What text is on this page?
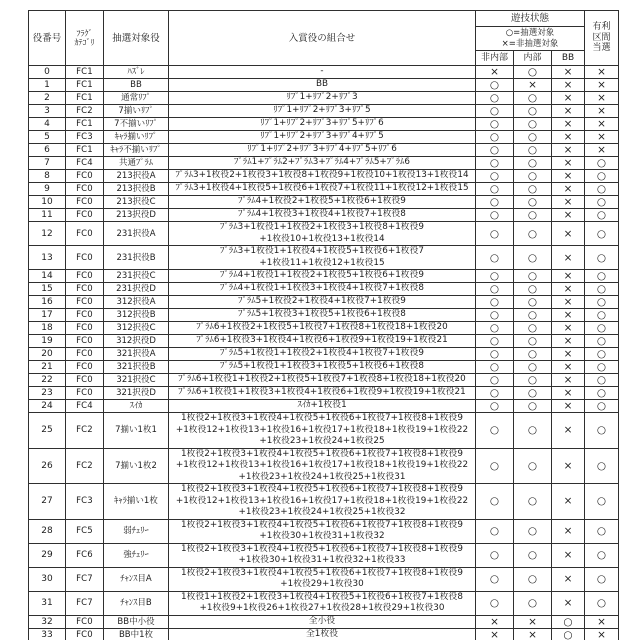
役番号	ﾌﾗｸﾞ
ｶﾃｺﾞﾘ	抽選対象役	入賞役の組合せ	遊技状態			有利
区間
当選
				○=抽選対象
×=非抽選対象			
				非内部	内部	BB	
0	FC1	ﾊｽﾞﾚ	-	×	○	×	×
1	FC1	BB	BB	○	×	×	×
2	FC1	通常ﾘﾌﾟ	ﾘﾌﾟ1+ﾘﾌﾟ2+ﾘﾌﾟ3	○	○	×	×
3	FC2	7揃いﾘﾌﾟ	ﾘﾌﾟ1+ﾘﾌﾟ2+ﾘﾌﾟ3+ﾘﾌﾟ5	○	○	×	×
4	FC1	7不揃いﾘﾌﾟ	ﾘﾌﾟ1+ﾘﾌﾟ2+ﾘﾌﾟ3+ﾘﾌﾟ5+ﾘﾌﾟ6	○	○	×	×
5	FC3	ｷｬﾗ揃いﾘﾌﾟ	ﾘﾌﾟ1+ﾘﾌﾟ2+ﾘﾌﾟ3+ﾘﾌﾟ4+ﾘﾌﾟ5	○	○	×	×
6	FC1	ｷｬﾗ不揃いﾘﾌﾟ	ﾘﾌﾟ1+ﾘﾌﾟ2+ﾘﾌﾟ3+ﾘﾌﾟ4+ﾘﾌﾟ5+ﾘﾌﾟ6	○	○	×	×
7	FC4	共通ﾌﾟﾗﾑ	ﾌﾟﾗﾑ1+ﾌﾟﾗﾑ2+ﾌﾟﾗﾑ3+ﾌﾟﾗﾑ4+ﾌﾟﾗﾑ5+ﾌﾟﾗﾑ6	○	○	×	○
8	FC0	213択役A	ﾌﾟﾗﾑ3+1枚役2+1枚役3+1枚役8+1枚役9+1枚役10+1枚役13+1枚役14	○	○	×	○
9	FC0	213択役B	ﾌﾟﾗﾑ3+1枚役4+1枚役5+1枚役6+1枚役7+1枚役11+1枚役12+1枚役15	○	○	×	○
10	FC0	213択役C	ﾌﾟﾗﾑ4+1枚役2+1枚役5+1枚役6+1枚役9	○	○	×	○
11	FC0	213択役D	ﾌﾟﾗﾑ4+1枚役3+1枚役4+1枚役7+1枚役8	○	○	×	○
12	FC0	231択役A	ﾌﾟﾗﾑ3+1枚役1+1枚役2+1枚役3+1枚役8+1枚役9
+1枚役10+1枚役13+1枚役14	○	○	×	○
13	FC0	231択役B	ﾌﾟﾗﾑ3+1枚役1+1枚役4+1枚役5+1枚役6+1枚役7
+1枚役11+1枚役12+1枚役15	○	○	×	○
14	FC0	231択役C	ﾌﾟﾗﾑ4+1枚役1+1枚役2+1枚役5+1枚役6+1枚役9	○	○	×	○
15	FC0	231択役D	ﾌﾟﾗﾑ4+1枚役1+1枚役3+1枚役4+1枚役7+1枚役8	○	○	×	○
16	FC0	312択役A	ﾌﾟﾗﾑ5+1枚役2+1枚役4+1枚役7+1枚役9	○	○	×	○
17	FC0	312択役B	ﾌﾟﾗﾑ5+1枚役3+1枚役5+1枚役6+1枚役8	○	○	×	○
18	FC0	312択役C	ﾌﾟﾗﾑ6+1枚役2+1枚役5+1枚役7+1枚役8+1枚役18+1枚役20	○	○	×	○
19	FC0	312択役D	ﾌﾟﾗﾑ6+1枚役3+1枚役4+1枚役6+1枚役9+1枚役19+1枚役21	○	○	×	○
20	FC0	321択役A	ﾌﾟﾗﾑ5+1枚役1+1枚役2+1枚役4+1枚役7+1枚役9	○	○	×	○
21	FC0	321択役B	ﾌﾟﾗﾑ5+1枚役1+1枚役3+1枚役5+1枚役6+1枚役8	○	○	×	○
22	FC0	321択役C	ﾌﾟﾗﾑ6+1枚役1+1枚役2+1枚役5+1枚役7+1枚役8+1枚役18+1枚役20	○	○	×	○
23	FC0	321択役D	ﾌﾟﾗﾑ6+1枚役1+1枚役3+1枚役4+1枚役6+1枚役9+1枚役19+1枚役21	○	○	×	○
24	FC4	ｽｲｶ	ｽｲｶ+1枚役1	○	○	×	○
25	FC2	7揃い1枚1	1枚役2+1枚役3+1枚役4+1枚役5+1枚役6+1枚役7+1枚役8+1枚役9
+1枚役12+1枚役13+1枚役16+1枚役17+1枚役18+1枚役19+1枚役22
+1枚役23+1枚役24+1枚役25	○	○	×	○
26	FC2	7揃い1枚2	1枚役2+1枚役3+1枚役4+1枚役5+1枚役6+1枚役7+1枚役8+1枚役9
+1枚役12+1枚役13+1枚役16+1枚役17+1枚役18+1枚役19+1枚役22
+1枚役23+1枚役24+1枚役25+1枚役31	○	○	×	○
27	FC3	ｷｬﾗ揃い1枚	1枚役2+1枚役3+1枚役4+1枚役5+1枚役6+1枚役7+1枚役8+1枚役9
+1枚役12+1枚役13+1枚役16+1枚役17+1枚役18+1枚役19+1枚役22
+1枚役23+1枚役24+1枚役25+1枚役32	○	○	×	○
28	FC5	弱ﾁｪﾘｰ	1枚役2+1枚役3+1枚役4+1枚役5+1枚役6+1枚役7+1枚役8+1枚役9
+1枚役30+1枚役31+1枚役32	○	○	×	○
29	FC6	強ﾁｪﾘｰ	1枚役2+1枚役3+1枚役4+1枚役5+1枚役6+1枚役7+1枚役8+1枚役9
+1枚役30+1枚役31+1枚役32+1枚役33	○	○	×	○
30	FC7	ﾁｬﾝｽ目A	1枚役2+1枚役3+1枚役4+1枚役5+1枚役6+1枚役7+1枚役8+1枚役9
+1枚役29+1枚役30	○	○	×	○
31	FC7	ﾁｬﾝｽ目B	1枚役1+1枚役2+1枚役3+1枚役4+1枚役5+1枚役6+1枚役7+1枚役8
+1枚役9+1枚役26+1枚役27+1枚役28+1枚役29+1枚役30	○	○	×	○
32	FC0	BB中小役	全小役	×	×	○	×
33	FC0	BB中1枚	全1枚役	×	×	○	×
